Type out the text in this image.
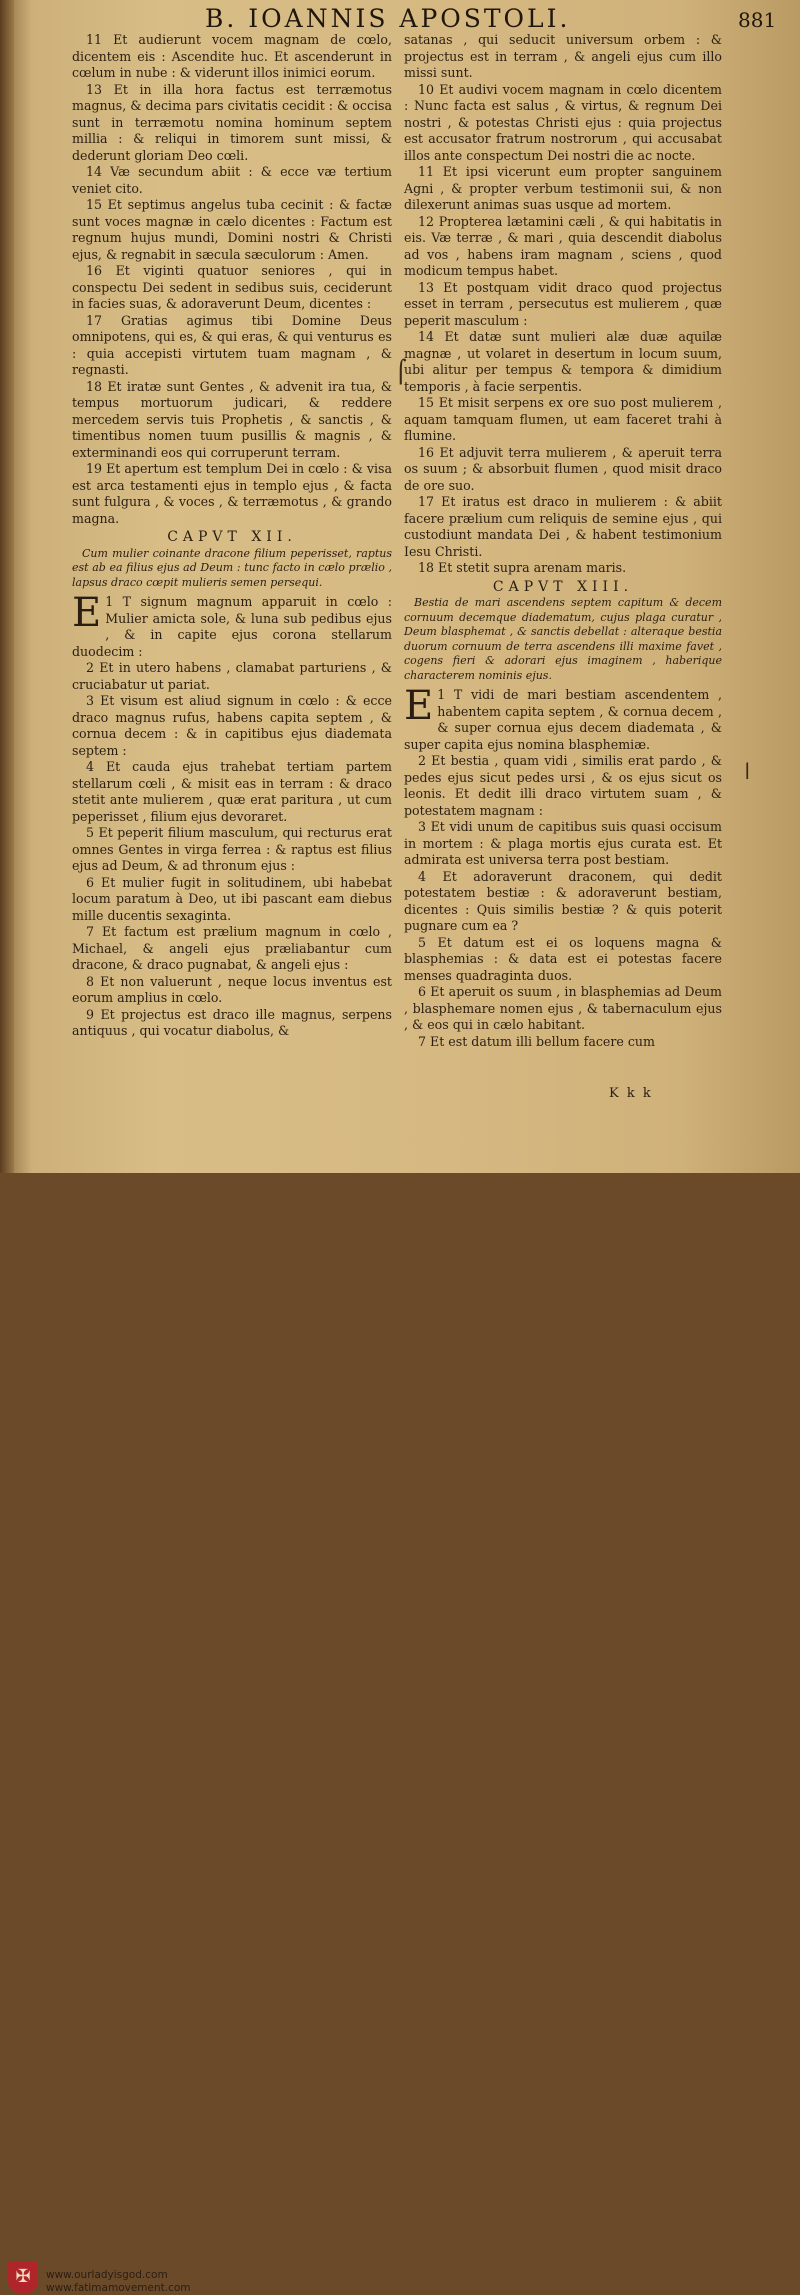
B. IOANNIS APOSTOLI.	881

11 Et audierunt vocem magnam de cœlo, dicentem eis : Ascendite huc. Et ascenderunt in cœlum in nube : & viderunt illos inimici eorum.

13 Et in illa hora factus est terræmotus magnus, & decima pars civitatis cecidit : & occisa sunt in terræmotu nomina hominum septem millia : & reliqui in timorem sunt missi, & dederunt gloriam Deo cœli.

14 Væ secundum abiit : & ecce væ tertium veniet cito.

15 Et septimus angelus tuba cecinit : & factæ sunt voces magnæ in cælo dicentes : Factum est regnum hujus mundi, Domini nostri & Christi ejus, & regnabit in sæcula sæculorum : Amen.

16 Et viginti quatuor seniores , qui in conspectu Dei sedent in sedibus suis, ceciderunt in facies suas, & adoraverunt Deum, dicentes :

17 Gratias agimus tibi Domine Deus omnipotens, qui es, & qui eras, & qui venturus es : quia accepisti virtutem tuam magnam , & regnasti.

18 Et iratæ sunt Gentes , & advenit ira tua, & tempus mortuorum judicari, & reddere mercedem servis tuis Prophetis , & sanctis , & timentibus nomen tuum pusillis & magnis , & exterminandi eos qui corruperunt terram.

19 Et apertum est templum Dei in cœlo : & visa est arca testamenti ejus in templo ejus , & facta sunt fulgura , & voces , & terræmotus , & grando magna.

CAPVT XII.

Cum mulier coinante dracone filium peperisset, raptus est ab ea filius ejus ad Deum : tunc facto in cælo prælio , lapsus draco cœpit mulieris semen persequi.

E 1 T signum magnum apparuit in cœlo : Mulier amicta sole, & luna sub pedibus ejus , & in capite ejus corona stellarum duodecim :

2 Et in utero habens , clamabat parturiens , & cruciabatur ut pariat.

3 Et visum est aliud signum in cœlo : & ecce draco magnus rufus, habens capita septem , & cornua decem : & in capitibus ejus diademata septem :

4 Et cauda ejus trahebat tertiam partem stellarum cœli , & misit eas in terram : & draco stetit ante mulierem , quæ erat paritura , ut cum peperisset , filium ejus devoraret.

5 Et peperit filium masculum, qui recturus erat omnes Gentes in virga ferrea : & raptus est filius ejus ad Deum, & ad thronum ejus :

6 Et mulier fugit in solitudinem, ubi habebat locum paratum à Deo, ut ibi pascant eam diebus mille ducentis sexaginta.

7 Et factum est prælium magnum in cœlo , Michael, & angeli ejus præliabantur cum dracone, & draco pugnabat, & angeli ejus :

8 Et non valuerunt , neque locus inventus est eorum amplius in cœlo.

9 Et projectus est draco ille magnus, serpens antiquus , qui vocatur diabolus, &

satanas , qui seducit universum orbem : & projectus est in terram , & angeli ejus cum illo missi sunt.

10 Et audivi vocem magnam in cœlo dicentem : Nunc facta est salus , & virtus, & regnum Dei nostri , & potestas Christi ejus : quia projectus est accusator fratrum nostrorum , qui accusabat illos ante conspectum Dei nostri die ac nocte.

11 Et ipsi vicerunt eum propter sanguinem Agni , & propter verbum testimonii sui, & non dilexerunt animas suas usque ad mortem.

12 Propterea lætamini cæli , & qui habitatis in eis. Væ terræ , & mari , quia descendit diabolus ad vos , habens iram magnam , sciens , quod modicum tempus habet.

13 Et postquam vidit draco quod projectus esset in terram , persecutus est mulierem , quæ peperit masculum :

14 Et datæ sunt mulieri alæ duæ aquilæ magnæ , ut volaret in desertum in locum suum, ubi alitur per tempus & tempora & dimidium temporis , à facie serpentis.

15 Et misit serpens ex ore suo post mulierem , aquam tamquam flumen, ut eam faceret trahi à flumine.

16 Et adjuvit terra mulierem , & aperuit terra os suum ; & absorbuit flumen , quod misit draco de ore suo.

17 Et iratus est draco in mulierem : & abiit facere prælium cum reliquis de semine ejus , qui custodiunt mandata Dei , & habent testimonium Iesu Christi.

18 Et stetit supra arenam maris.

CAPVT XIII.

Bestia de mari ascendens septem capitum & decem cornuum decemque diadematum, cujus plaga curatur , Deum blasphemat , & sanctis debellat : alteraque bestia duorum cornuum de terra ascendens illi maxime favet , cogens fieri & adorari ejus imaginem , haberique characterem nominis ejus.

E 1 T vidi de mari bestiam ascendentem , habentem capita septem , & cornua decem , & super cornua ejus decem diademata , & super capita ejus nomina blasphemiæ.

2 Et bestia , quam vidi , similis erat pardo , & pedes ejus sicut pedes ursi , & os ejus sicut os leonis. Et dedit illi draco virtutem suam , & potestatem magnam :

3 Et vidi unum de capitibus suis quasi occisum in mortem : & plaga mortis ejus curata est. Et admirata est universa terra post bestiam.

4 Et adoraverunt draconem, qui dedit potestatem bestiæ : & adoraverunt bestiam, dicentes : Quis similis bestiæ ? & quis poterit pugnare cum ea ?

5 Et datum est ei os loquens magna & blasphemias : & data est ei potestas facere menses quadraginta duos.

6 Et aperuit os suum , in blasphemias ad Deum , blasphemare nomen ejus , & tabernaculum ejus , & eos qui in cælo habitant.

7 Et est datum illi bellum facere cum

⌠
ǀ
K k k
✠	www.ourladyisgod.com
www.fatimamovement.com
